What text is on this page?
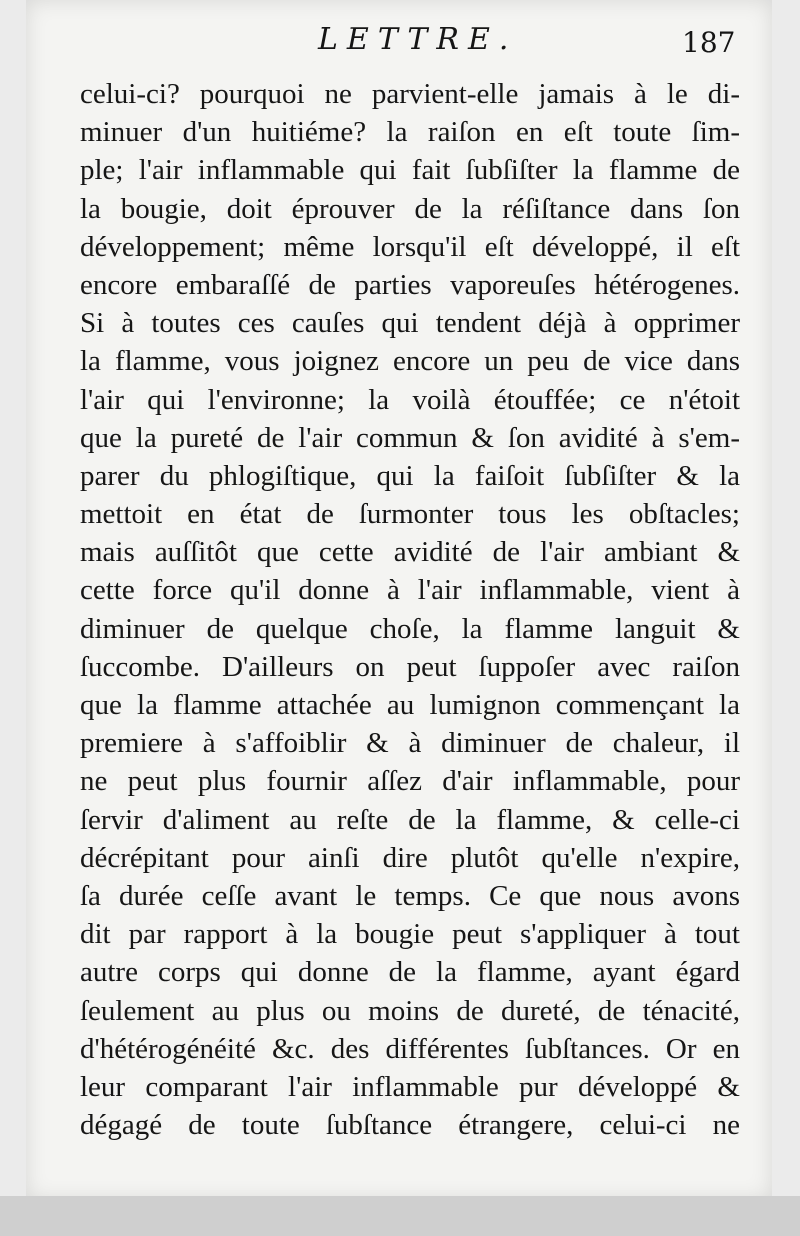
LETTRE.	187
celui-ci? pourquoi ne parvient-elle jamais à le di-
minuer d'un huitiéme? la raiſon en eſt toute ſim-
ple; l'air inflammable qui fait ſubſiſter la flamme de
la bougie, doit éprouver de la réſiſtance dans ſon
développement; même lorsqu'il eſt développé, il eſt
encore embaraſſé de parties vaporeuſes hétérogenes.
Si à toutes ces cauſes qui tendent déjà à opprimer
la flamme, vous joignez encore un peu de vice dans
l'air qui l'environne; la voilà étouffée; ce n'étoit
que la pureté de l'air commun & ſon avidité à s'em-
parer du phlogiſtique, qui la faiſoit ſubſiſter & la
mettoit en état de ſurmonter tous les obſtacles;
mais auſſitôt que cette avidité de l'air ambiant &
cette force qu'il donne à l'air inflammable, vient à
diminuer de quelque choſe, la flamme languit &
ſuccombe. D'ailleurs on peut ſuppoſer avec raiſon
que la flamme attachée au lumignon commençant la
premiere à s'affoiblir & à diminuer de chaleur, il
ne peut plus fournir aſſez d'air inflammable, pour
ſervir d'aliment au reſte de la flamme, & celle-ci
décrépitant pour ainſi dire plutôt qu'elle n'expire,
ſa durée ceſſe avant le temps. Ce que nous avons
dit par rapport à la bougie peut s'appliquer à tout
autre corps qui donne de la flamme, ayant égard
ſeulement au plus ou moins de dureté, de ténacité,
d'hétérogénéité &c. des différentes ſubſtances. Or en
leur comparant l'air inflammable pur développé &
dégagé de toute ſubſtance étrangere, celui-ci ne
